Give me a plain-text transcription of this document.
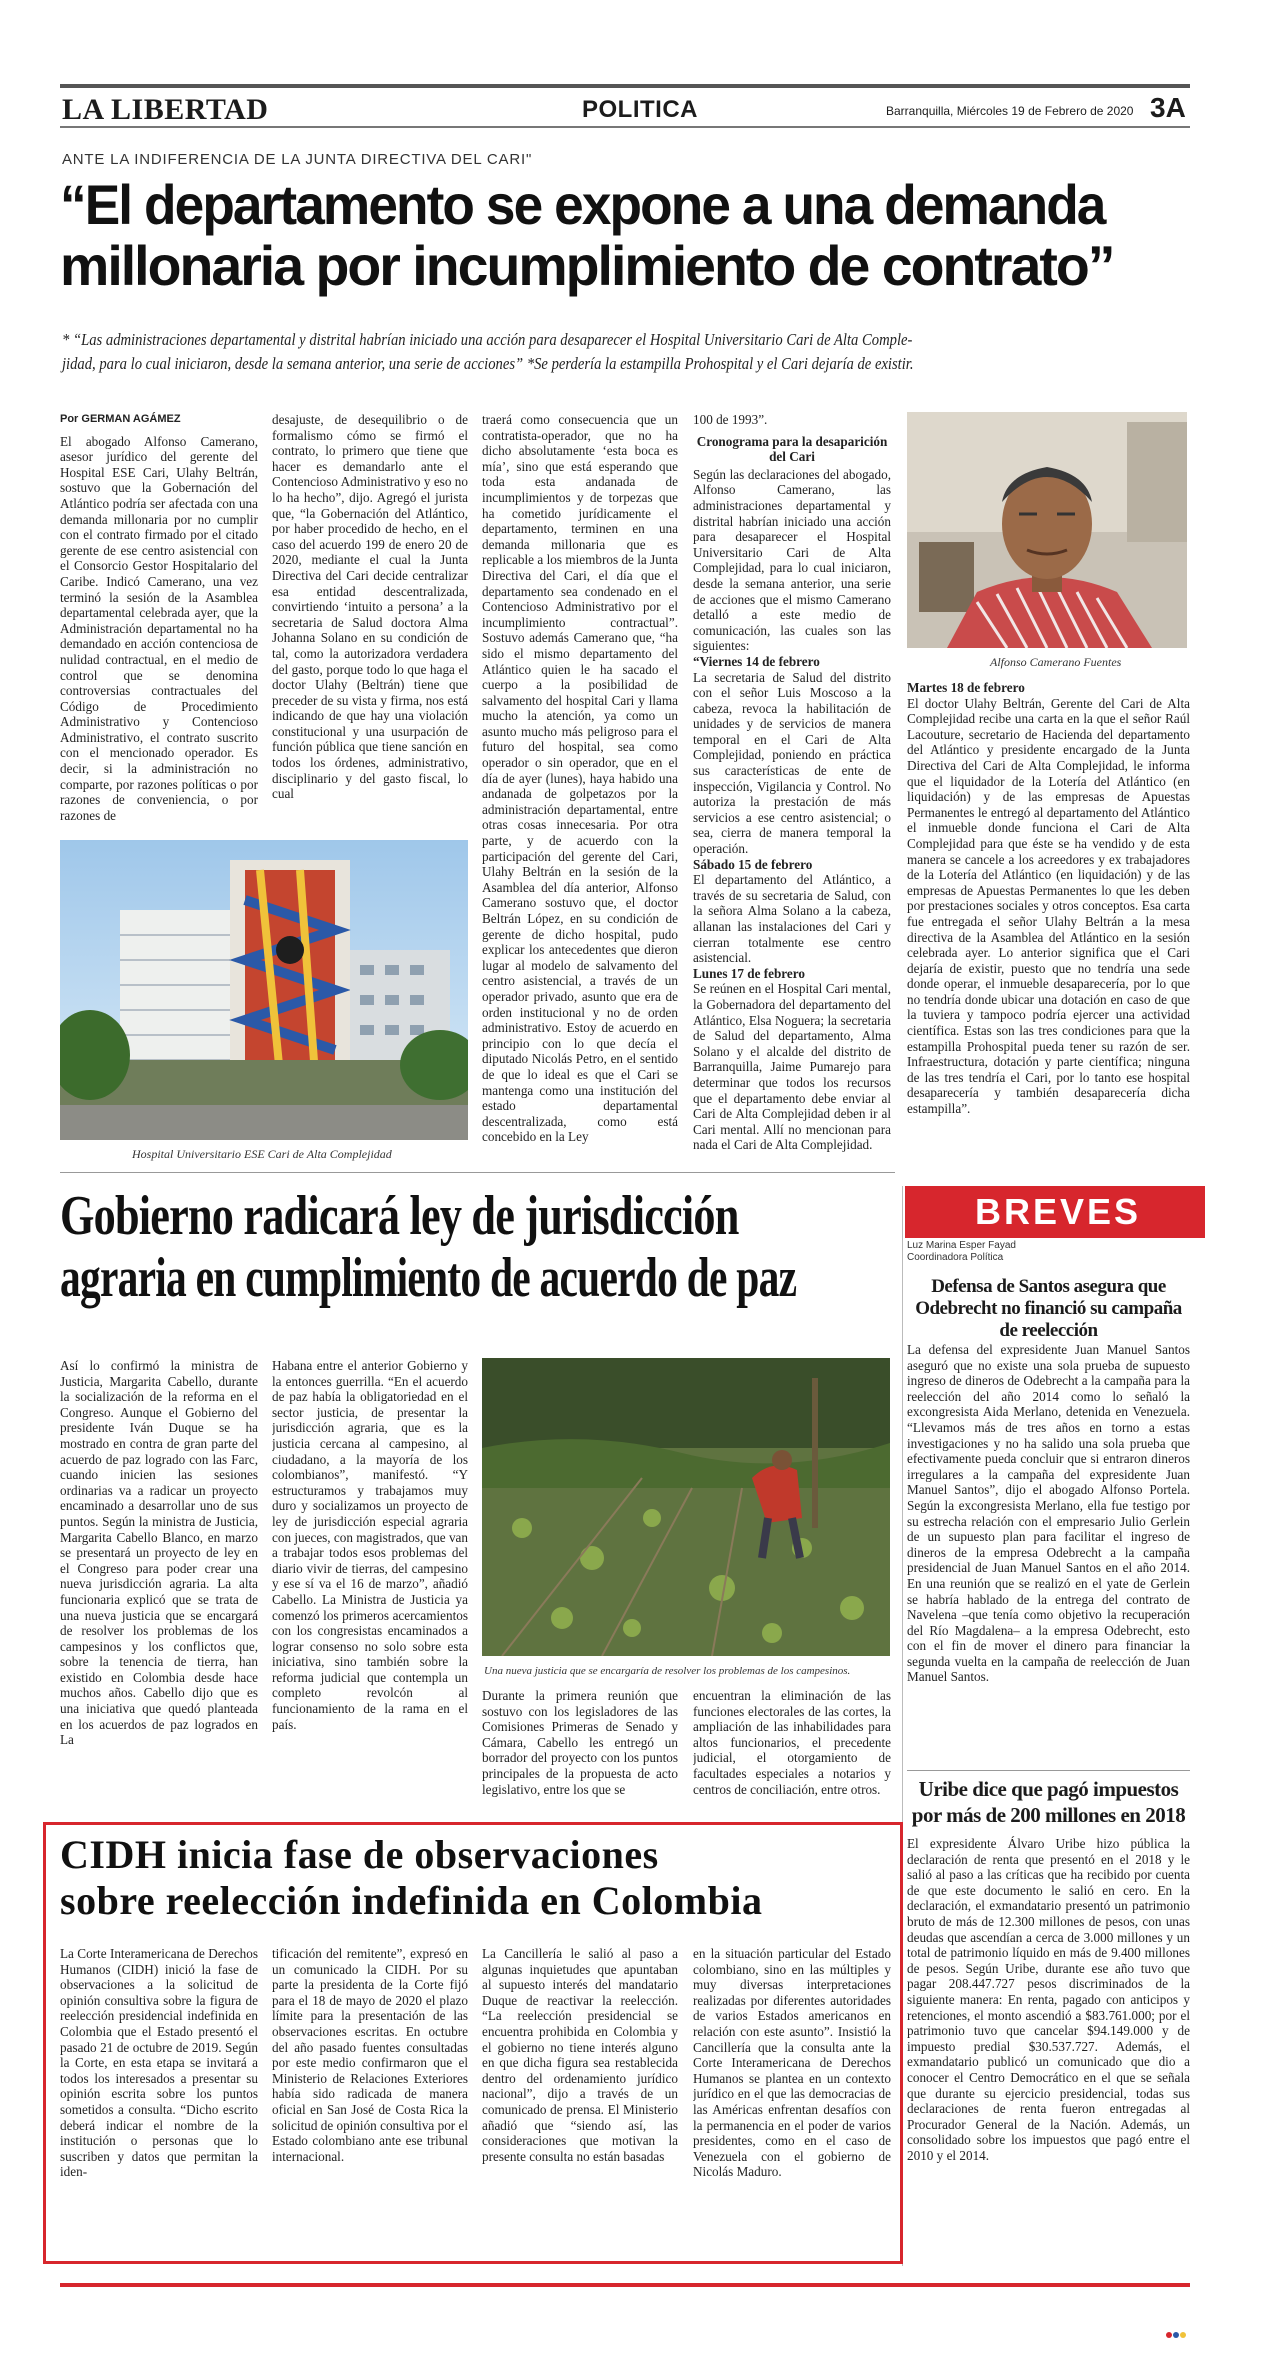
LA LIBERTAD	POLITICA	Barranquilla, Miércoles 19 de Febrero de 2020 3A
ANTE LA INDIFERENCIA DE LA JUNTA DIRECTIVA DEL CARI"
“El departamento se expone a una demanda
millonaria por incumplimiento de contrato”
* “Las administraciones departamental y distrital habrían iniciado una acción para desaparecer el Hospital Universitario Cari de Alta Comple-
jidad, para lo cual iniciaron, desde la semana anterior, una serie de acciones” *Se perdería la estampilla Prohospital y el Cari dejaría de existir.
Por GERMAN AGÁMEZ

El abogado Alfonso Camerano, asesor jurídico del gerente del Hospital ESE Cari, Ulahy Beltrán, sostuvo que la Gobernación del Atlántico podría ser afectada con una demanda millonaria por no cumplir con el contrato firmado por el citado gerente de ese centro asistencial con el Consorcio Gestor Hospitalario del Caribe. Indicó Camerano, una vez terminó la sesión de la Asamblea departamental celebrada ayer, que la Administración departamental no ha demandado en acción contenciosa de nulidad contractual, en el medio de control que se denomina controversias contractuales del Código de Procedimiento Administrativo y Contencioso Administrativo, el contrato suscrito con el mencionado operador. Es decir, si la administración no comparte, por razones políticas o por razones de conveniencia, o por razones de

desajuste, de desequilibrio o de formalismo cómo se firmó el contrato, lo primero que tiene que hacer es demandarlo ante el Contencioso Administrativo y eso no lo ha hecho”, dijo. Agregó el jurista que, “la Gobernación del Atlántico, por haber procedido de hecho, en el caso del acuerdo 199 de enero 20 de 2020, mediante el cual la Junta Directiva del Cari decide centralizar esa entidad descentralizada, convirtiendo ‘intuito a persona’ a la secretaria de Salud doctora Alma Johanna Solano en su condición de tal, como la autorizadora verdadera del gasto, porque todo lo que haga el doctor Ulahy (Beltrán) tiene que preceder de su vista y firma, nos está indicando de que hay una violación constitucional y una usurpación de función pública que tiene sanción en todos los órdenes, administrativo, disciplinario y del gasto fiscal, lo cual

traerá como consecuencia que un contratista-operador, que no ha dicho absolutamente ‘esta boca es mía’, sino que está esperando que toda esta andanada de incumplimientos y de torpezas que ha cometido jurídicamente el departamento, terminen en una demanda millonaria que es replicable a los miembros de la Junta Directiva del Cari, el día que el departamento sea condenado en el Contencioso Administrativo por el incumplimiento contractual”. Sostuvo además Camerano que, “ha sido el mismo departamento del Atlántico quien le ha sacado el cuerpo a la posibilidad de salvamento del hospital Cari y llama mucho la atención, ya como un asunto mucho más peligroso para el futuro del hospital, sea como operador o sin operador, que en el día de ayer (lunes), haya habido una andanada de golpetazos por la administración departamental, entre otras cosas innecesaria. Por otra parte, y de acuerdo con la participación del gerente del Cari, Ulahy Beltrán en la sesión de la Asamblea del día anterior, Alfonso Camerano sostuvo que, el doctor Beltrán López, en su condición de gerente de dicho hospital, pudo explicar los antecedentes que dieron lugar al modelo de salvamento del centro asistencial, a través de un operador privado, asunto que era de orden institucional y no de orden administrativo. Estoy de acuerdo en principio con lo que decía el diputado Nicolás Petro, en el sentido de que lo ideal es que el Cari se mantenga como una institución del estado departamental descentralizada, como está concebido en la Ley

100 de 1993”.

Cronograma para la desaparición del Cari

Según las declaraciones del abogado, Alfonso Camerano, las administraciones departamental y distrital habrían iniciado una acción para desaparecer el Hospital Universitario Cari de Alta Complejidad, para lo cual iniciaron, desde la semana anterior, una serie de acciones que el mismo Camerano detalló a este medio de comunicación, las cuales son las siguientes:

“Viernes 14 de febrero

La secretaria de Salud del distrito con el señor Luis Moscoso a la cabeza, revoca la habilitación de unidades y de servicios de manera temporal en el Cari de Alta Complejidad, poniendo en práctica sus características de ente de inspección, Vigilancia y Control. No autoriza la prestación de más servicios a ese centro asistencial; o sea, cierra de manera temporal la operación.

Sábado 15 de febrero

El departamento del Atlántico, a través de su secretaria de Salud, con la señora Alma Solano a la cabeza, allanan las instalaciones del Cari y cierran totalmente ese centro asistencial.

Lunes 17 de febrero

Se reúnen en el Hospital Cari mental, la Gobernadora del departamento del Atlántico, Elsa Noguera; la secretaria de Salud del departamento, Alma Solano y el alcalde del distrito de Barranquilla, Jaime Pumarejo para determinar que todos los recursos que el departamento debe enviar al Cari de Alta Complejidad deben ir al Cari mental. Allí no mencionan para nada el Cari de Alta Complejidad.

Alfonso Camerano Fuentes

Martes 18 de febrero

El doctor Ulahy Beltrán, Gerente del Cari de Alta Complejidad recibe una carta en la que el señor Raúl Lacouture, secretario de Hacienda del departamento del Atlántico y presidente encargado de la Junta Directiva del Cari de Alta Complejidad, le informa que el liquidador de la Lotería del Atlántico (en liquidación) y de las empresas de Apuestas Permanentes le entregó al departamento del Atlántico el inmueble donde funciona el Cari de Alta Complejidad para que éste se ha vendido y de esta manera se cancele a los acreedores y ex trabajadores de la Lotería del Atlántico (en liquidación) y de las empresas de Apuestas Permanentes lo que les deben por prestaciones sociales y otros conceptos. Esa carta fue entregada el señor Ulahy Beltrán a la mesa directiva de la Asamblea del Atlántico en la sesión celebrada ayer. Lo anterior significa que el Cari dejaría de existir, puesto que no tendría una sede donde operar, el inmueble desaparecería, por lo que no tendría donde ubicar una dotación en caso de que la tuviera y tampoco podría ejercer una actividad científica. Estas son las tres condiciones para que la estampilla Prohospital pueda tener su razón de ser. Infraestructura, dotación y parte científica; ninguna de las tres tendría el Cari, por lo tanto ese hospital desaparecería y también desaparecería dicha estampilla”.

Hospital Universitario ESE Cari de Alta Complejidad
Gobierno radicará ley de jurisdicción
agraria en cumplimiento de acuerdo de paz

Así lo confirmó la ministra de Justicia, Margarita Cabello, durante la socialización de la reforma en el Congreso. Aunque el Gobierno del presidente Iván Duque se ha mostrado en contra de gran parte del acuerdo de paz logrado con las Farc, cuando inicien las sesiones ordinarias va a radicar un proyecto encaminado a desarrollar uno de sus puntos. Según la ministra de Justicia, Margarita Cabello Blanco, en marzo se presentará un proyecto de ley en el Congreso para poder crear una nueva jurisdicción agraria. La alta funcionaria explicó que se trata de una nueva justicia que se encargará de resolver los problemas de los campesinos y los conflictos que, sobre la tenencia de tierra, han existido en Colombia desde hace muchos años. Cabello dijo que es una iniciativa que quedó planteada en los acuerdos de paz logrados en La

Habana entre el anterior Gobierno y la entonces guerrilla. “En el acuerdo de paz había la obligatoriedad en el sector justicia, de presentar la jurisdicción agraria, que es la justicia cercana al campesino, al ciudadano, a la mayoría de los colombianos”, manifestó. “Y estructuramos y trabajamos muy duro y socializamos un proyecto de ley de jurisdicción especial agraria con jueces, con magistrados, que van a trabajar todos esos problemas del diario vivir de tierras, del campesino y ese sí va el 16 de marzo”, añadió Cabello. La Ministra de Justicia ya comenzó los primeros acercamientos con los congresistas encaminados a lograr consenso no solo sobre esta iniciativa, sino también sobre la reforma judicial que contempla un completo revolcón al funcionamiento de la rama en el país.

Una nueva justicia que se encargaría de resolver los problemas de los campesinos.

Durante la primera reunión que sostuvo con los legisladores de las Comisiones Primeras de Senado y Cámara, Cabello les entregó un borrador del proyecto con los puntos principales de la propuesta de acto legislativo, entre los que se

encuentran la eliminación de las funciones electorales de las cortes, la ampliación de las inhabilidades para altos funcionarios, el precedente judicial, el otorgamiento de facultades especiales a notarios y centros de conciliación, entre otros.

BREVES
Luz Marina Esper Fayad
Coordinadora Política
Defensa de Santos asegura que Odebrecht no financió su campaña de reelección

La defensa del expresidente Juan Manuel Santos aseguró que no existe una sola prueba de supuesto ingreso de dineros de Odebrecht a la campaña para la reelección del año 2014 como lo señaló la excongresista Aida Merlano, detenida en Venezuela. “Llevamos más de tres años en torno a estas investigaciones y no ha salido una sola prueba que efectivamente pueda concluir que si entraron dineros irregulares a la campaña del expresidente Juan Manuel Santos”, dijo el abogado Alfonso Portela. Según la excongresista Merlano, ella fue testigo por su estrecha relación con el empresario Julio Gerlein de un supuesto plan para facilitar el ingreso de dineros de la empresa Odebrecht a la campaña presidencial de Juan Manuel Santos en el año 2014. En una reunión que se realizó en el yate de Gerlein se habría hablado de la entrega del contrato de Navelena –que tenía como objetivo la recuperación del Río Magdalena– a la empresa Odebrecht, esto con el fin de mover el dinero para financiar la segunda vuelta en la campaña de reelección de Juan Manuel Santos.

Uribe dice que pagó impuestos
por más de 200 millones en 2018

El expresidente Álvaro Uribe hizo pública la declaración de renta que presentó en el 2018 y le salió al paso a las críticas que ha recibido por cuenta de que este documento le salió en cero. En la declaración, el exmandatario presentó un patrimonio bruto de más de 12.300 millones de pesos, con unas deudas que ascendían a cerca de 3.000 millones y un total de patrimonio líquido en más de 9.400 millones de pesos. Según Uribe, durante ese año tuvo que pagar 208.447.727 pesos discriminados de la siguiente manera: En renta, pagado con anticipos y retenciones, el monto ascendió a $83.761.000; por el patrimonio tuvo que cancelar $94.149.000 y de impuesto predial $30.537.727. Además, el exmandatario publicó un comunicado que dio a conocer el Centro Democrático en el que se señala que durante su ejercicio presidencial, todas sus declaraciones de renta fueron entregadas al Procurador General de la Nación. Además, un consolidado sobre los impuestos que pagó entre el 2010 y el 2014.

CIDH inicia fase de observaciones
sobre reelección indefinida en Colombia

La Corte Interamericana de Derechos Humanos (CIDH) inició la fase de observaciones a la solicitud de opinión consultiva sobre la figura de reelección presidencial indefinida en Colombia que el Estado presentó el pasado 21 de octubre de 2019. Según la Corte, en esta etapa se invitará a todos los interesados a presentar su opinión escrita sobre los puntos sometidos a consulta. “Dicho escrito deberá indicar el nombre de la institución o personas que lo suscriben y datos que permitan la iden-

tificación del remitente”, expresó en un comunicado la CIDH. Por su parte la presidenta de la Corte fijó para el 18 de mayo de 2020 el plazo límite para la presentación de las observaciones escritas. En octubre del año pasado fuentes consultadas por este medio confirmaron que el Ministerio de Relaciones Exteriores había sido radicada de manera oficial en San José de Costa Rica la solicitud de opinión consultiva por el Estado colombiano ante ese tribunal internacional.

La Cancillería le salió al paso a algunas inquietudes que apuntaban al supuesto interés del mandatario Duque de reactivar la reelección. “La reelección presidencial se encuentra prohibida en Colombia y el gobierno no tiene interés alguno en que dicha figura sea restablecida dentro del ordenamiento jurídico nacional”, dijo a través de un comunicado de prensa. El Ministerio añadió que “siendo así, las consideraciones que motivan la presente consulta no están basadas

en la situación particular del Estado colombiano, sino en las múltiples y muy diversas interpretaciones realizadas por diferentes autoridades de varios Estados americanos en relación con este asunto”. Insistió la Cancillería que la consulta ante la Corte Interamericana de Derechos Humanos se plantea en un contexto jurídico en el que las democracias de las Américas enfrentan desafíos con la permanencia en el poder de varios presidentes, como en el caso de Venezuela con el gobierno de Nicolás Maduro.
